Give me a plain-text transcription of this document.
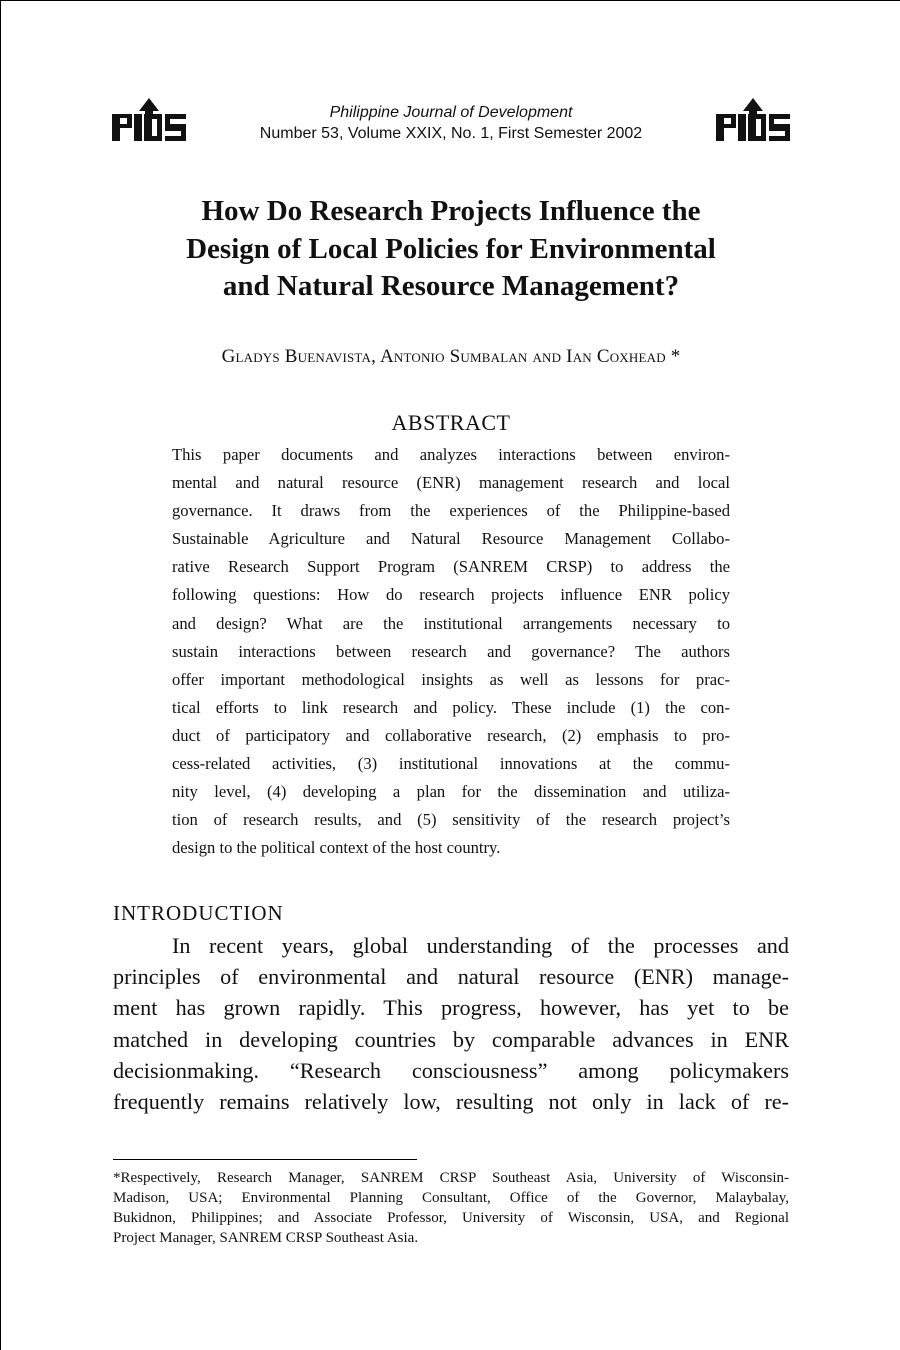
Philippine Journal of Development
Number 53, Volume XXIX, No. 1, First Semester 2002
How Do Research Projects Influence the
Design of Local Policies for Environmental
and Natural Resource Management?
Gladys Buenavista, Antonio Sumbalan and Ian Coxhead *
ABSTRACT
This paper documents and analyzes interactions between environ-
mental and natural resource (ENR) management research and local
governance. It draws from the experiences of the Philippine-based
Sustainable Agriculture and Natural Resource Management Collabo-
rative Research Support Program (SANREM CRSP) to address the
following questions: How do research projects influence ENR policy
and design? What are the institutional arrangements necessary to
sustain interactions between research and governance? The authors
offer important methodological insights as well as lessons for prac-
tical efforts to link research and policy. These include (1) the con-
duct of participatory and collaborative research, (2) emphasis to pro-
cess-related activities, (3) institutional innovations at the commu-
nity level, (4) developing a plan for the dissemination and utiliza-
tion of research results, and (5) sensitivity of the research project’s
design to the political context of the host country.
INTRODUCTION
In recent years, global understanding of the processes and
principles of environmental and natural resource (ENR) manage-
ment has grown rapidly. This progress, however, has yet to be
matched in developing countries by comparable advances in ENR
decisionmaking. “Research consciousness” among policymakers
frequently remains relatively low, resulting not only in lack of re-
*Respectively, Research Manager, SANREM CRSP Southeast Asia, University of Wisconsin-
Madison, USA; Environmental Planning Consultant, Office of the Governor, Malaybalay,
Bukidnon, Philippines; and Associate Professor, University of Wisconsin, USA, and Regional
Project Manager, SANREM CRSP Southeast Asia.
